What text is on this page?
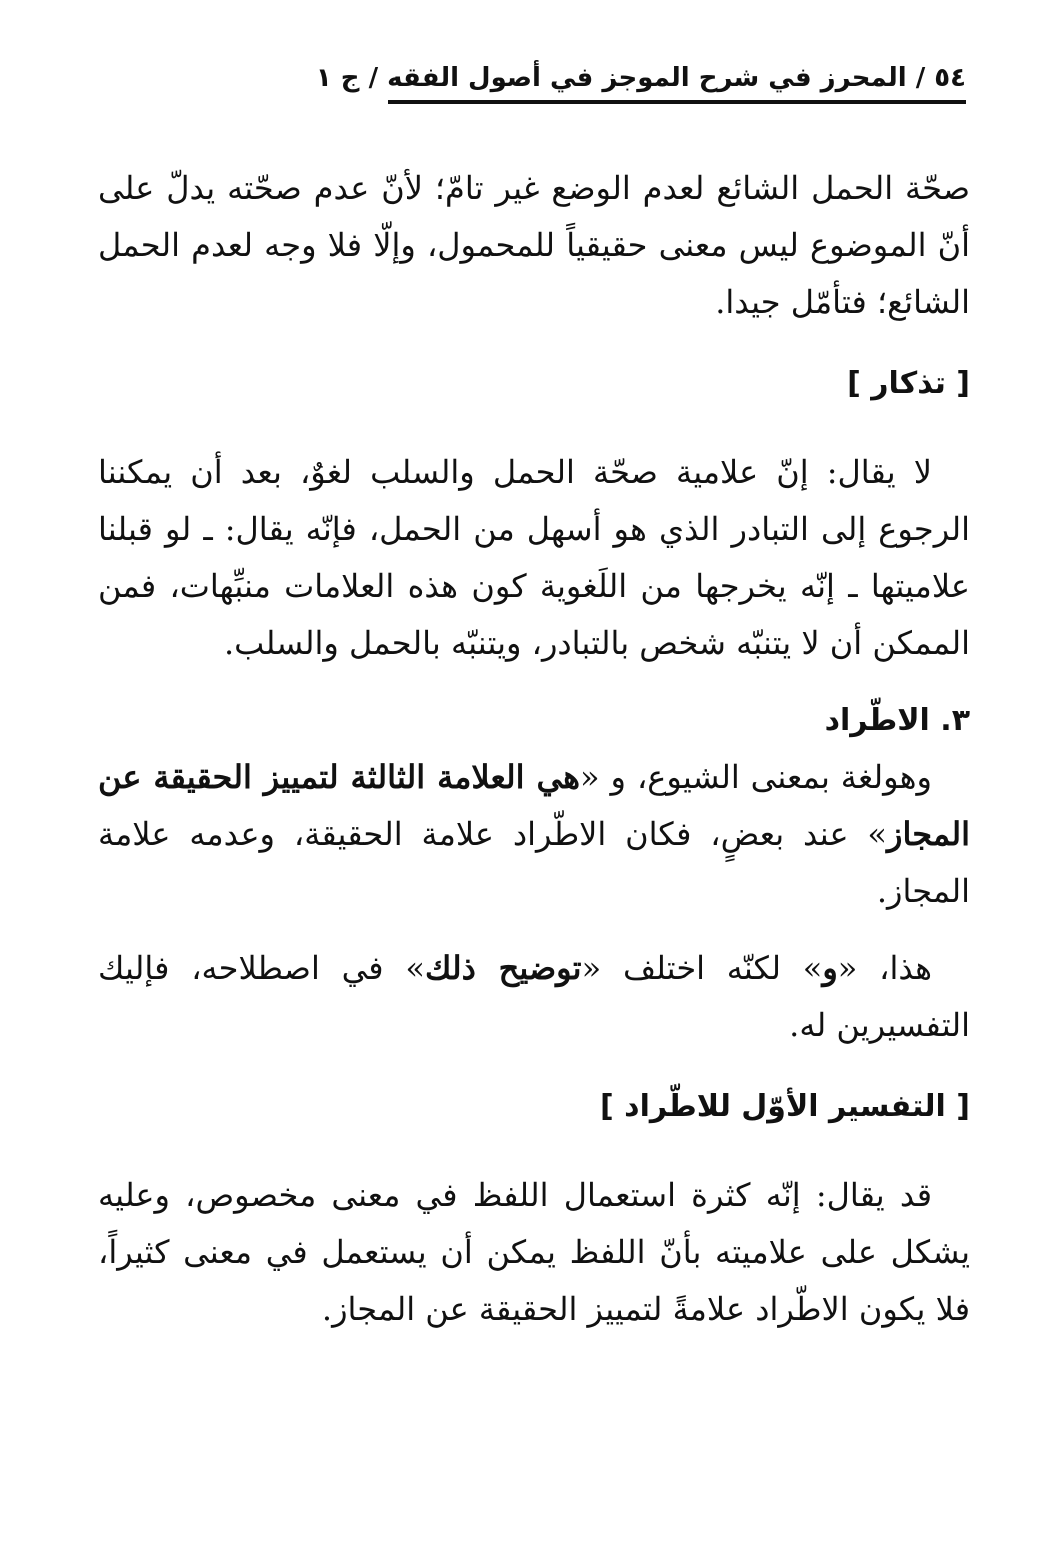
٥٤ / المحرز في شرح الموجز في أصول الفقه / ج ١

صحّة الحمل الشائع لعدم الوضع غير تامّ؛ لأنّ عدم صحّته يدلّ على أنّ الموضوع ليس معنى حقيقياً للمحمول، وإلّا فلا وجه لعدم الحمل الشائع؛ فتأمّل جيدا.

[ تذكار ]

لا يقال: إنّ علامية صحّة الحمل والسلب لغوٌ، بعد أن يمكننا الرجوع إلى التبادر الذي هو أسهل من الحمل، فإنّه يقال: ـ لو قبلنا علاميتها ـ إنّه يخرجها من اللَغوية كون هذه العلامات منبِّهات، فمن الممكن أن لا يتنبّه شخص بالتبادر، ويتنبّه بالحمل والسلب.

٣. الاطّراد

وهولغة بمعنى الشيوع، و «هي العلامة الثالثة لتمييز الحقيقة عن المجاز» عند بعضٍ، فكان الاطّراد علامة الحقيقة، وعدمه علامة المجاز.

هذا، «و» لكنّه اختلف «توضيح ذلك» في اصطلاحه، فإليك التفسيرين له.

[ التفسير الأوّل للاطّراد ]

قد يقال: إنّه كثرة استعمال اللفظ في معنى مخصوص، وعليه يشكل على علاميته بأنّ اللفظ يمكن أن يستعمل في معنى كثيراً، فلا يكون الاطّراد علامةً لتمييز الحقيقة عن المجاز.
